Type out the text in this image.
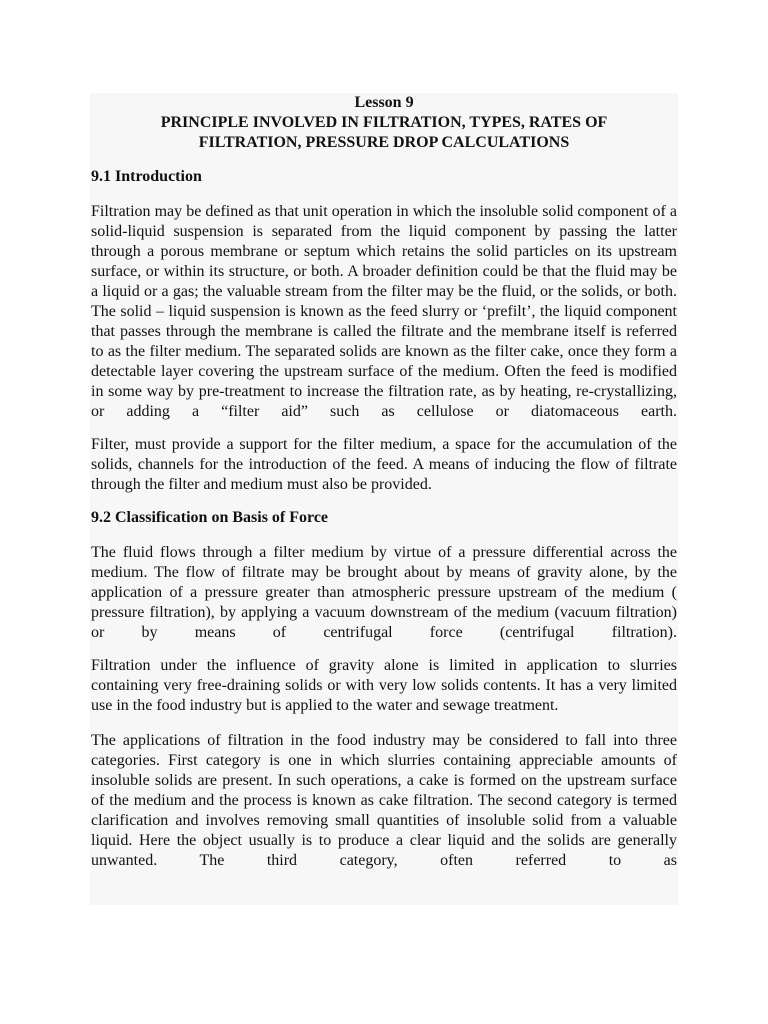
Lesson 9
PRINCIPLE INVOLVED IN FILTRATION, TYPES, RATES OF
FILTRATION, PRESSURE DROP CALCULATIONS
9.1 Introduction

Filtration may be defined as that unit operation in which the insoluble solid component of a solid-liquid suspension is separated from the liquid component by passing the latter through a porous membrane or septum which retains the solid particles on its upstream surface, or within its structure, or both. A broader definition could be that the fluid may be a liquid or a gas; the valuable stream from the filter may be the fluid, or the solids, or both. The solid – liquid suspension is known as the feed slurry or ‘prefilt’, the liquid component that passes through the membrane is called the filtrate and the membrane itself is referred to as the filter medium. The separated solids are known as the filter cake, once they form a detectable layer covering the upstream surface of the medium. Often the feed is modified in some way by pre-treatment to increase the filtration rate, as by heating, re-crystallizing, or adding a “filter aid” such as cellulose or diatomaceous earth.

Filter, must provide a support for the filter medium, a space for the accumulation of the solids, channels for the introduction of the feed. A means of inducing the flow of filtrate through the filter and medium must also be provided.

9.2 Classification on Basis of Force

The fluid flows through a filter medium by virtue of a pressure differential across the medium. The flow of filtrate may be brought about by means of gravity alone, by the application of a pressure greater than atmospheric pressure upstream of the medium ( pressure filtration), by applying a vacuum downstream of the medium (vacuum filtration) or by means of centrifugal force (centrifugal filtration).

Filtration under the influence of gravity alone is limited in application to slurries containing very free-draining solids or with very low solids contents. It has a very limited use in the food industry but is applied to the water and sewage treatment.

The applications of filtration in the food industry may be considered to fall into three categories. First category is one in which slurries containing appreciable amounts of insoluble solids are present. In such operations, a cake is formed on the upstream surface of the medium and the process is known as cake filtration. The second category is termed clarification and involves removing small quantities of insoluble solid from a valuable liquid. Here the object usually is to produce a clear liquid and the solids are generally unwanted. The third category, often referred to as
